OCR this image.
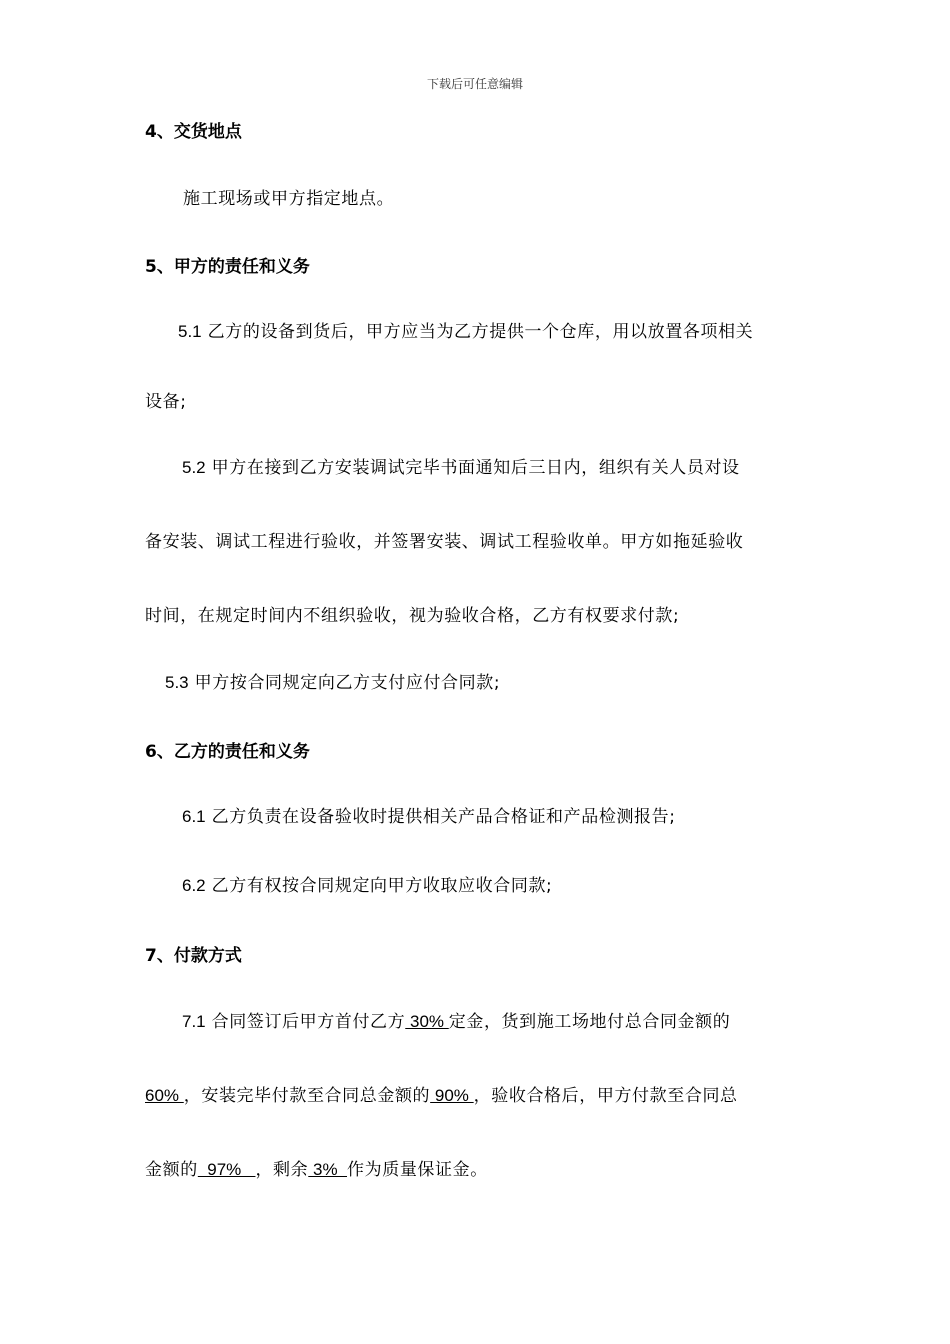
下载后可任意编辑
4、交货地点
施工现场或甲方指定地点。
5、甲方的责任和义务
5.1 乙方的设备到货后，甲方应当为乙方提供一个仓库，用以放置各项相关
设备;
5.2 甲方在接到乙方安装调试完毕书面通知后三日内，组织有关人员对设
备安装、调试工程进行验收，并签署安装、调试工程验收单。甲方如拖延验收
时间，在规定时间内不组织验收，视为验收合格，乙方有权要求付款;
5.3 甲方按合同规定向乙方支付应付合同款;
6、乙方的责任和义务
6.1 乙方负责在设备验收时提供相关产品合格证和产品检测报告;
6.2 乙方有权按合同规定向甲方收取应收合同款;
7、付款方式
7.1 合同签订后甲方首付乙方 30% 定金，货到施工场地付总合同金额的
60% ，安装完毕付款至合同总金额的 90% ，验收合格后，甲方付款至合同总
金额的  97%   ，剩余 3%  作为质量保证金。
